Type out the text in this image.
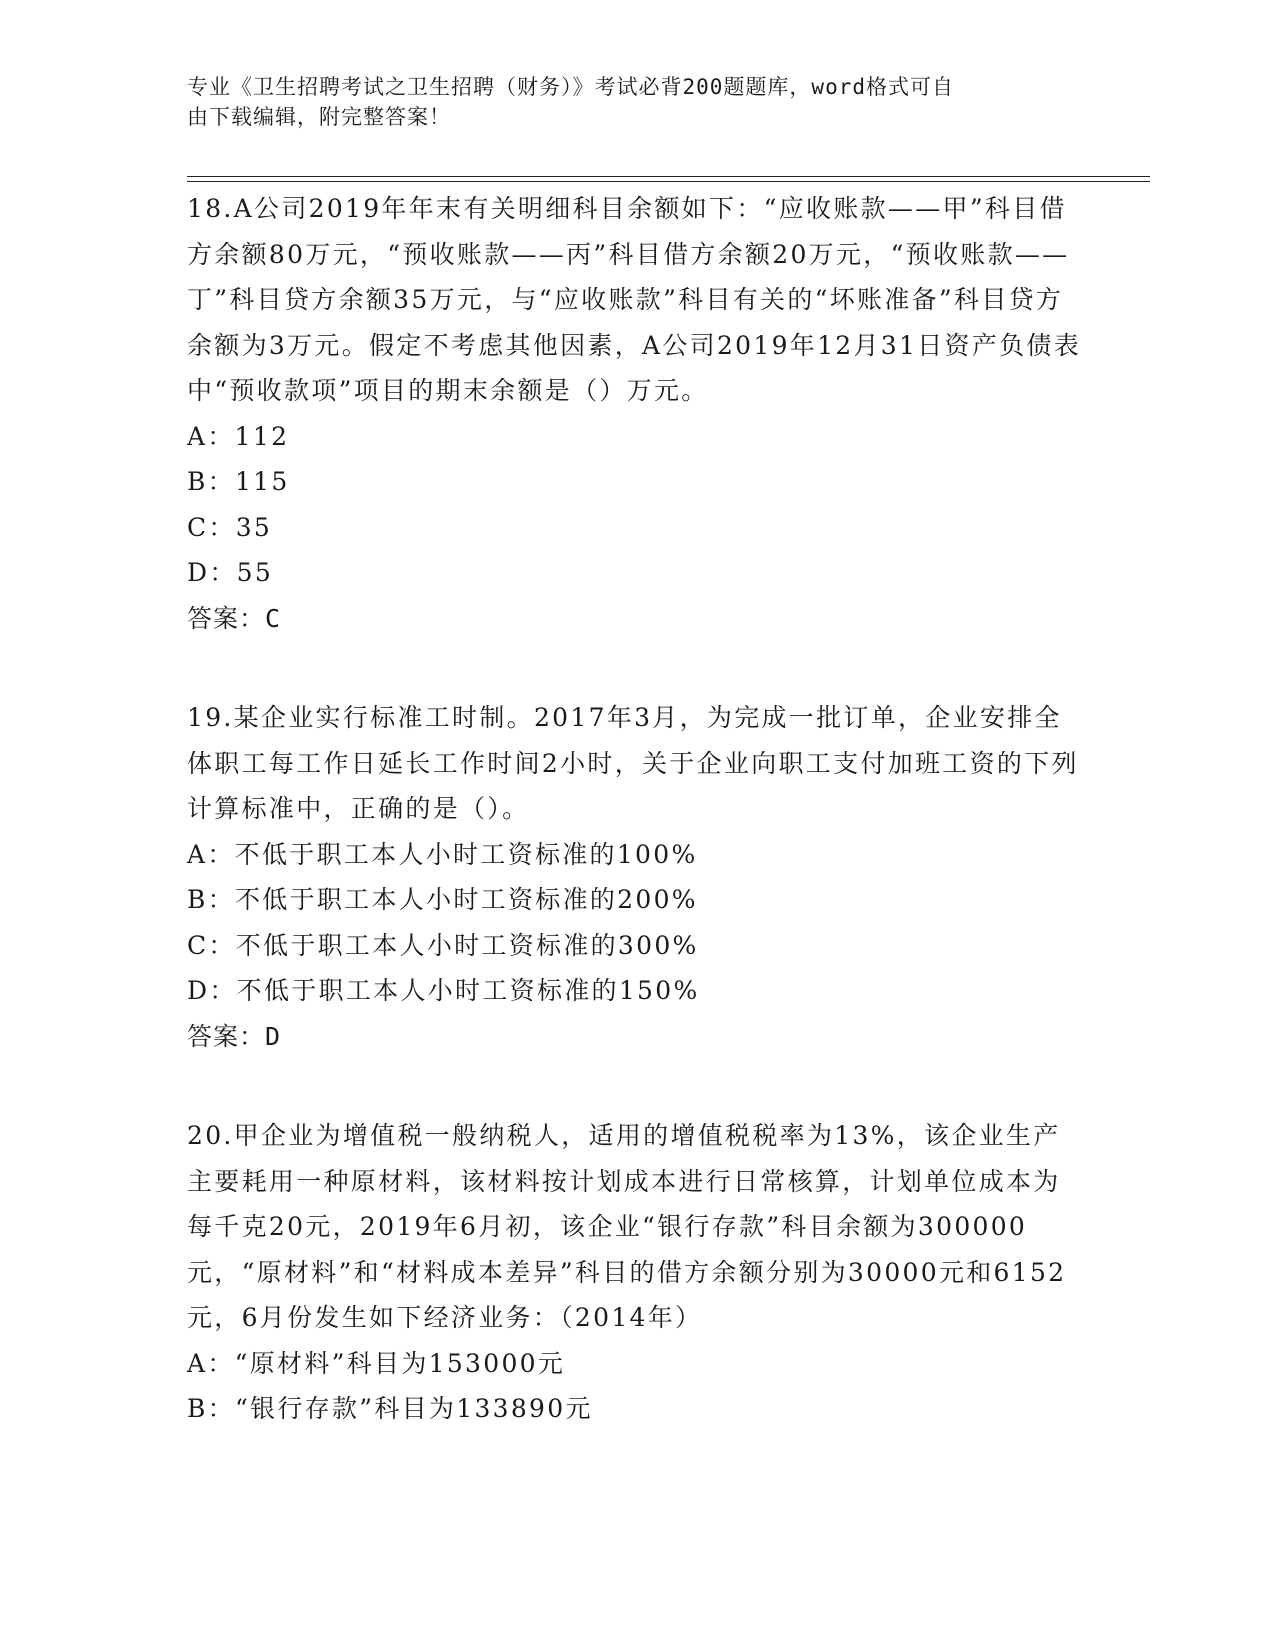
专业《卫生招聘考试之卫生招聘（财务）》考试必背200题题库，word格式可自
由下载编辑，附完整答案！

18.A公司2019年年末有关明细科目余额如下：“应收账款——甲”科目借方余额80万元，“预收账款——丙”科目借方余额20万元，“预收账款——丁”科目贷方余额35万元，与“应收账款”科目有关的“坏账准备”科目贷方余额为3万元。假定不考虑其他因素，A公司2019年12月31日资产负债表中“预收款项”项目的期末余额是（）万元。

A：112
B：115
C：35
D：55
答案：C

19.某企业实行标准工时制。2017年3月，为完成一批订单，企业安排全体职工每工作日延长工作时间2小时，关于企业向职工支付加班工资的下列计算标准中，正确的是（）。

A：不低于职工本人小时工资标准的100%
B：不低于职工本人小时工资标准的200%
C：不低于职工本人小时工资标准的300%
D：不低于职工本人小时工资标准的150%
答案：D

20.甲企业为增值税一般纳税人，适用的增值税税率为13%，该企业生产主要耗用一种原材料，该材料按计划成本进行日常核算，计划单位成本为每千克20元，2019年6月初，该企业“银行存款”科目余额为300000元，“原材料”和“材料成本差异”科目的借方余额分别为30000元和6152元，6月份发生如下经济业务：（2014年）

A：“原材料”科目为153000元
B：“银行存款”科目为133890元
